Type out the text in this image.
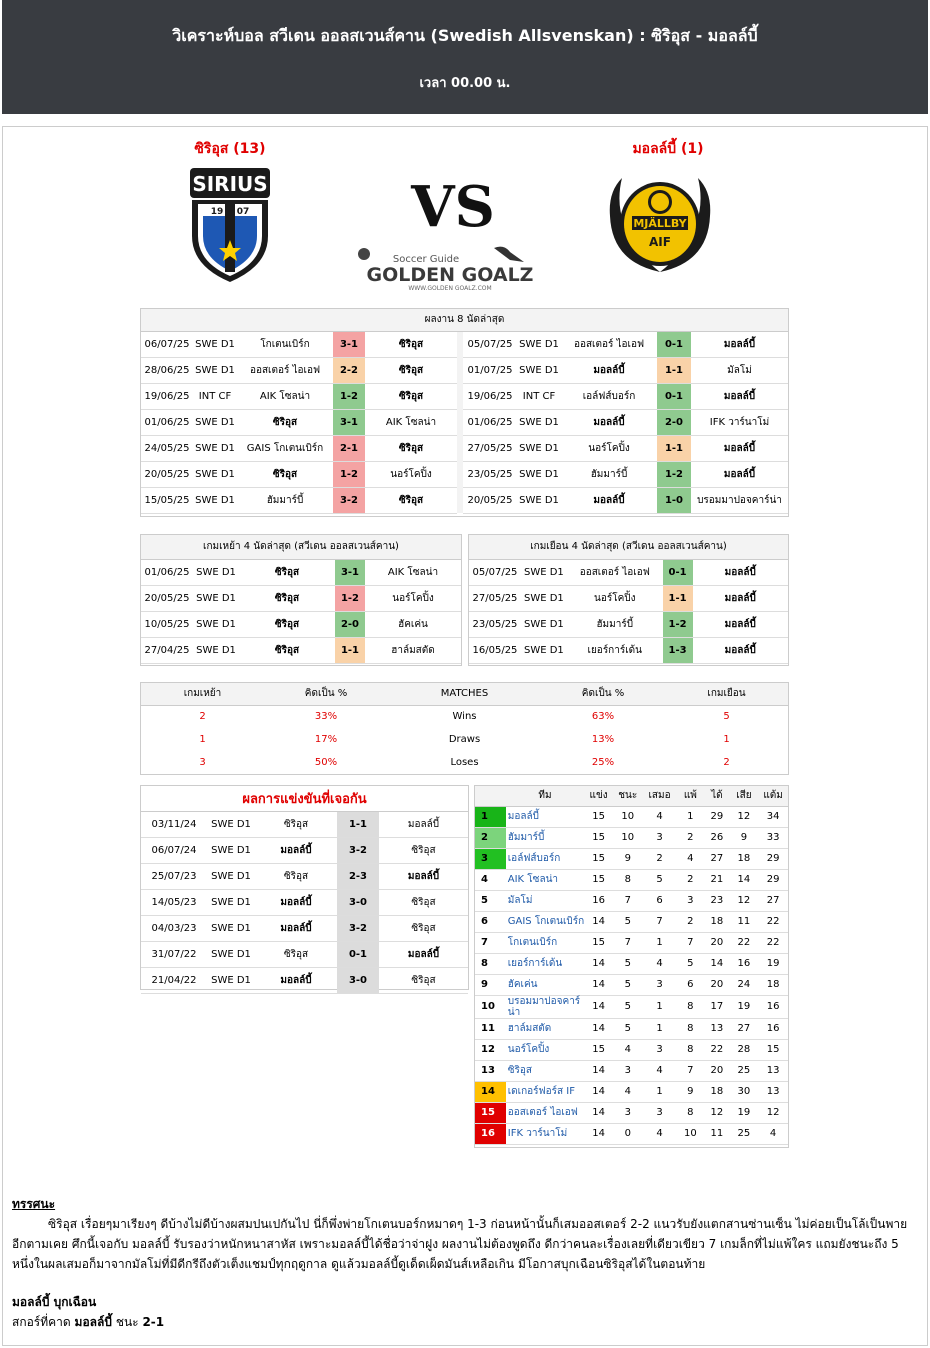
วิเคราะห์บอล สวีเดน ออลสเวนส์คาน (Swedish Allsvenskan) : ซิริอุส - มอลล์บี้
เวลา 00.00 น.
ซิริอุส (13)	มอลล์บี้ (1)
SIRIUS
19 07	VS
Soccer Guide
GOLDEN GOALZ
WWW.GOLDEN GOALZ.COM
MJÄLLBY
AIF
ผลงาน 8 นัดล่าสุด										
06/07/25	SWE D1	โกเตนเบิร์ก	3-1	ซิริอุส		05/07/25	SWE D1	ออสเตอร์ ไอเอฟ	0-1	มอลล์บี้
28/06/25	SWE D1	ออสเตอร์ ไอเอฟ	2-2	ซิริอุส		01/07/25	SWE D1	มอลล์บี้	1-1	มัลโม่
19/06/25	INT CF	AIK โซลน่า	1-2	ซิริอุส		19/06/25	INT CF	เอล์ฟส์บอร์ก	0-1	มอลล์บี้
01/06/25	SWE D1	ซิริอุส	3-1	AIK โซลน่า		01/06/25	SWE D1	มอลล์บี้	2-0	IFK วาร์นาโม่
24/05/25	SWE D1	GAIS โกเตนเบิร์ก	2-1	ซิริอุส		27/05/25	SWE D1	นอร์โคปิ้ง	1-1	มอลล์บี้
20/05/25	SWE D1	ซิริอุส	1-2	นอร์โคปิ้ง		23/05/25	SWE D1	ฮัมมาร์บี้	1-2	มอลล์บี้
15/05/25	SWE D1	ฮัมมาร์บี้	3-2	ซิริอุส		20/05/25	SWE D1	มอลล์บี้	1-0	บรอมมาปอจคาร์น่า
เกมเหย้า 4 นัดล่าสุด (สวีเดน ออลสเวนส์คาน)				
01/06/25	SWE D1	ซิริอุส	3-1	AIK โซลน่า
20/05/25	SWE D1	ซิริอุส	1-2	นอร์โคปิ้ง
10/05/25	SWE D1	ซิริอุส	2-0	ฮัคเค่น
27/04/25	SWE D1	ซิริอุส	1-1	ฮาล์มสตัด
เกมเยือน 4 นัดล่าสุด (สวีเดน ออลสเวนส์คาน)				
05/07/25	SWE D1	ออสเตอร์ ไอเอฟ	0-1	มอลล์บี้
27/05/25	SWE D1	นอร์โคปิ้ง	1-1	มอลล์บี้
23/05/25	SWE D1	ฮัมมาร์บี้	1-2	มอลล์บี้
16/05/25	SWE D1	เยอร์การ์เด้น	1-3	มอลล์บี้
เกมเหย้า	คิดเป็น %	MATCHES	คิดเป็น %	เกมเยือน
2	33%	Wins	63%	5
1	17%	Draws	13%	1
3	50%	Loses	25%	2
ผลการแข่งขันที่เจอกัน				
03/11/24	SWE D1	ซิริอุส	1-1	มอลล์บี้
06/07/24	SWE D1	มอลล์บี้	3-2	ซิริอุส
25/07/23	SWE D1	ซิริอุส	2-3	มอลล์บี้
14/05/23	SWE D1	มอลล์บี้	3-0	ซิริอุส
04/03/23	SWE D1	มอลล์บี้	3-2	ซิริอุส
31/07/22	SWE D1	ซิริอุส	0-1	มอลล์บี้
21/04/22	SWE D1	มอลล์บี้	3-0	ซิริอุส
	ทีม	แข่ง	ชนะ	เสมอ	แพ้	ได้	เสีย	แต้ม
1	มอลล์บี้	15	10	4	1	29	12	34
2	ฮัมมาร์บี้	15	10	3	2	26	9	33
3	เอล์ฟส์บอร์ก	15	9	2	4	27	18	29
4	AIK โซลน่า	15	8	5	2	21	14	29
5	มัลโม่	16	7	6	3	23	12	27
6	GAIS โกเตนเบิร์ก	14	5	7	2	18	11	22
7	โกเตนเบิร์ก	15	7	1	7	20	22	22
8	เยอร์การ์เด้น	14	5	4	5	14	16	19
9	ฮัคเค่น	14	5	3	6	20	24	18
10	บรอมมาปอจคาร์น่า	14	5	1	8	17	19	16
11	ฮาล์มสตัด	14	5	1	8	13	27	16
12	นอร์โคปิ้ง	15	4	3	8	22	28	15
13	ซิริอุส	14	3	4	7	20	25	13
14	เดเกอร์ฟอร์ส IF	14	4	1	9	18	30	13
15	ออสเตอร์ ไอเอฟ	14	3	3	8	12	19	12
16	IFK วาร์นาโม่	14	0	4	10	11	25	4
ทรรศนะ
ซิริอุส เรื่อยๆมาเรียงๆ ดีบ้างไม่ดีบ้างผสมปนเปกันไป นี่ก็พึ่งพ่ายโกเตนบอร์กหมาดๆ 1-3 ก่อนหน้านั้นก็เสมออสเตอร์ 2-2 แนวรับยังแตกสานซ่านเซ็น ไม่ค่อยเป็นโล้เป็นพายอีกตามเคย ศึกนี้เจอกับ มอลล์บี้ รับรองว่าหนักหนาสาหัส เพราะมอลล์บี้ได้ชื่อว่าจ่าฝูง ผลงานไม่ต้องพูดถึง ดีกว่าคนละเรื่องเลยที่เดียวเขียว 7 เกมล็กที่ไม่แพ้ใคร แถมยังชนะถึง 5 หนึ่งในผลเสมอก็มาจากมัลโม่ที่มีดีกรีถึงตัวเต็งแชมป์ทุกฤดูกาล ดูแล้วมอลล์บี้ดูเด็ดเผ็ดมันส์เหลือเกิน มีโอกาสบุกเฉือนซิริอุสได้ในตอนท้าย
มอลล์บี้ บุกเฉือน
สกอร์ที่คาด มอลล์บี้ ชนะ 2-1
